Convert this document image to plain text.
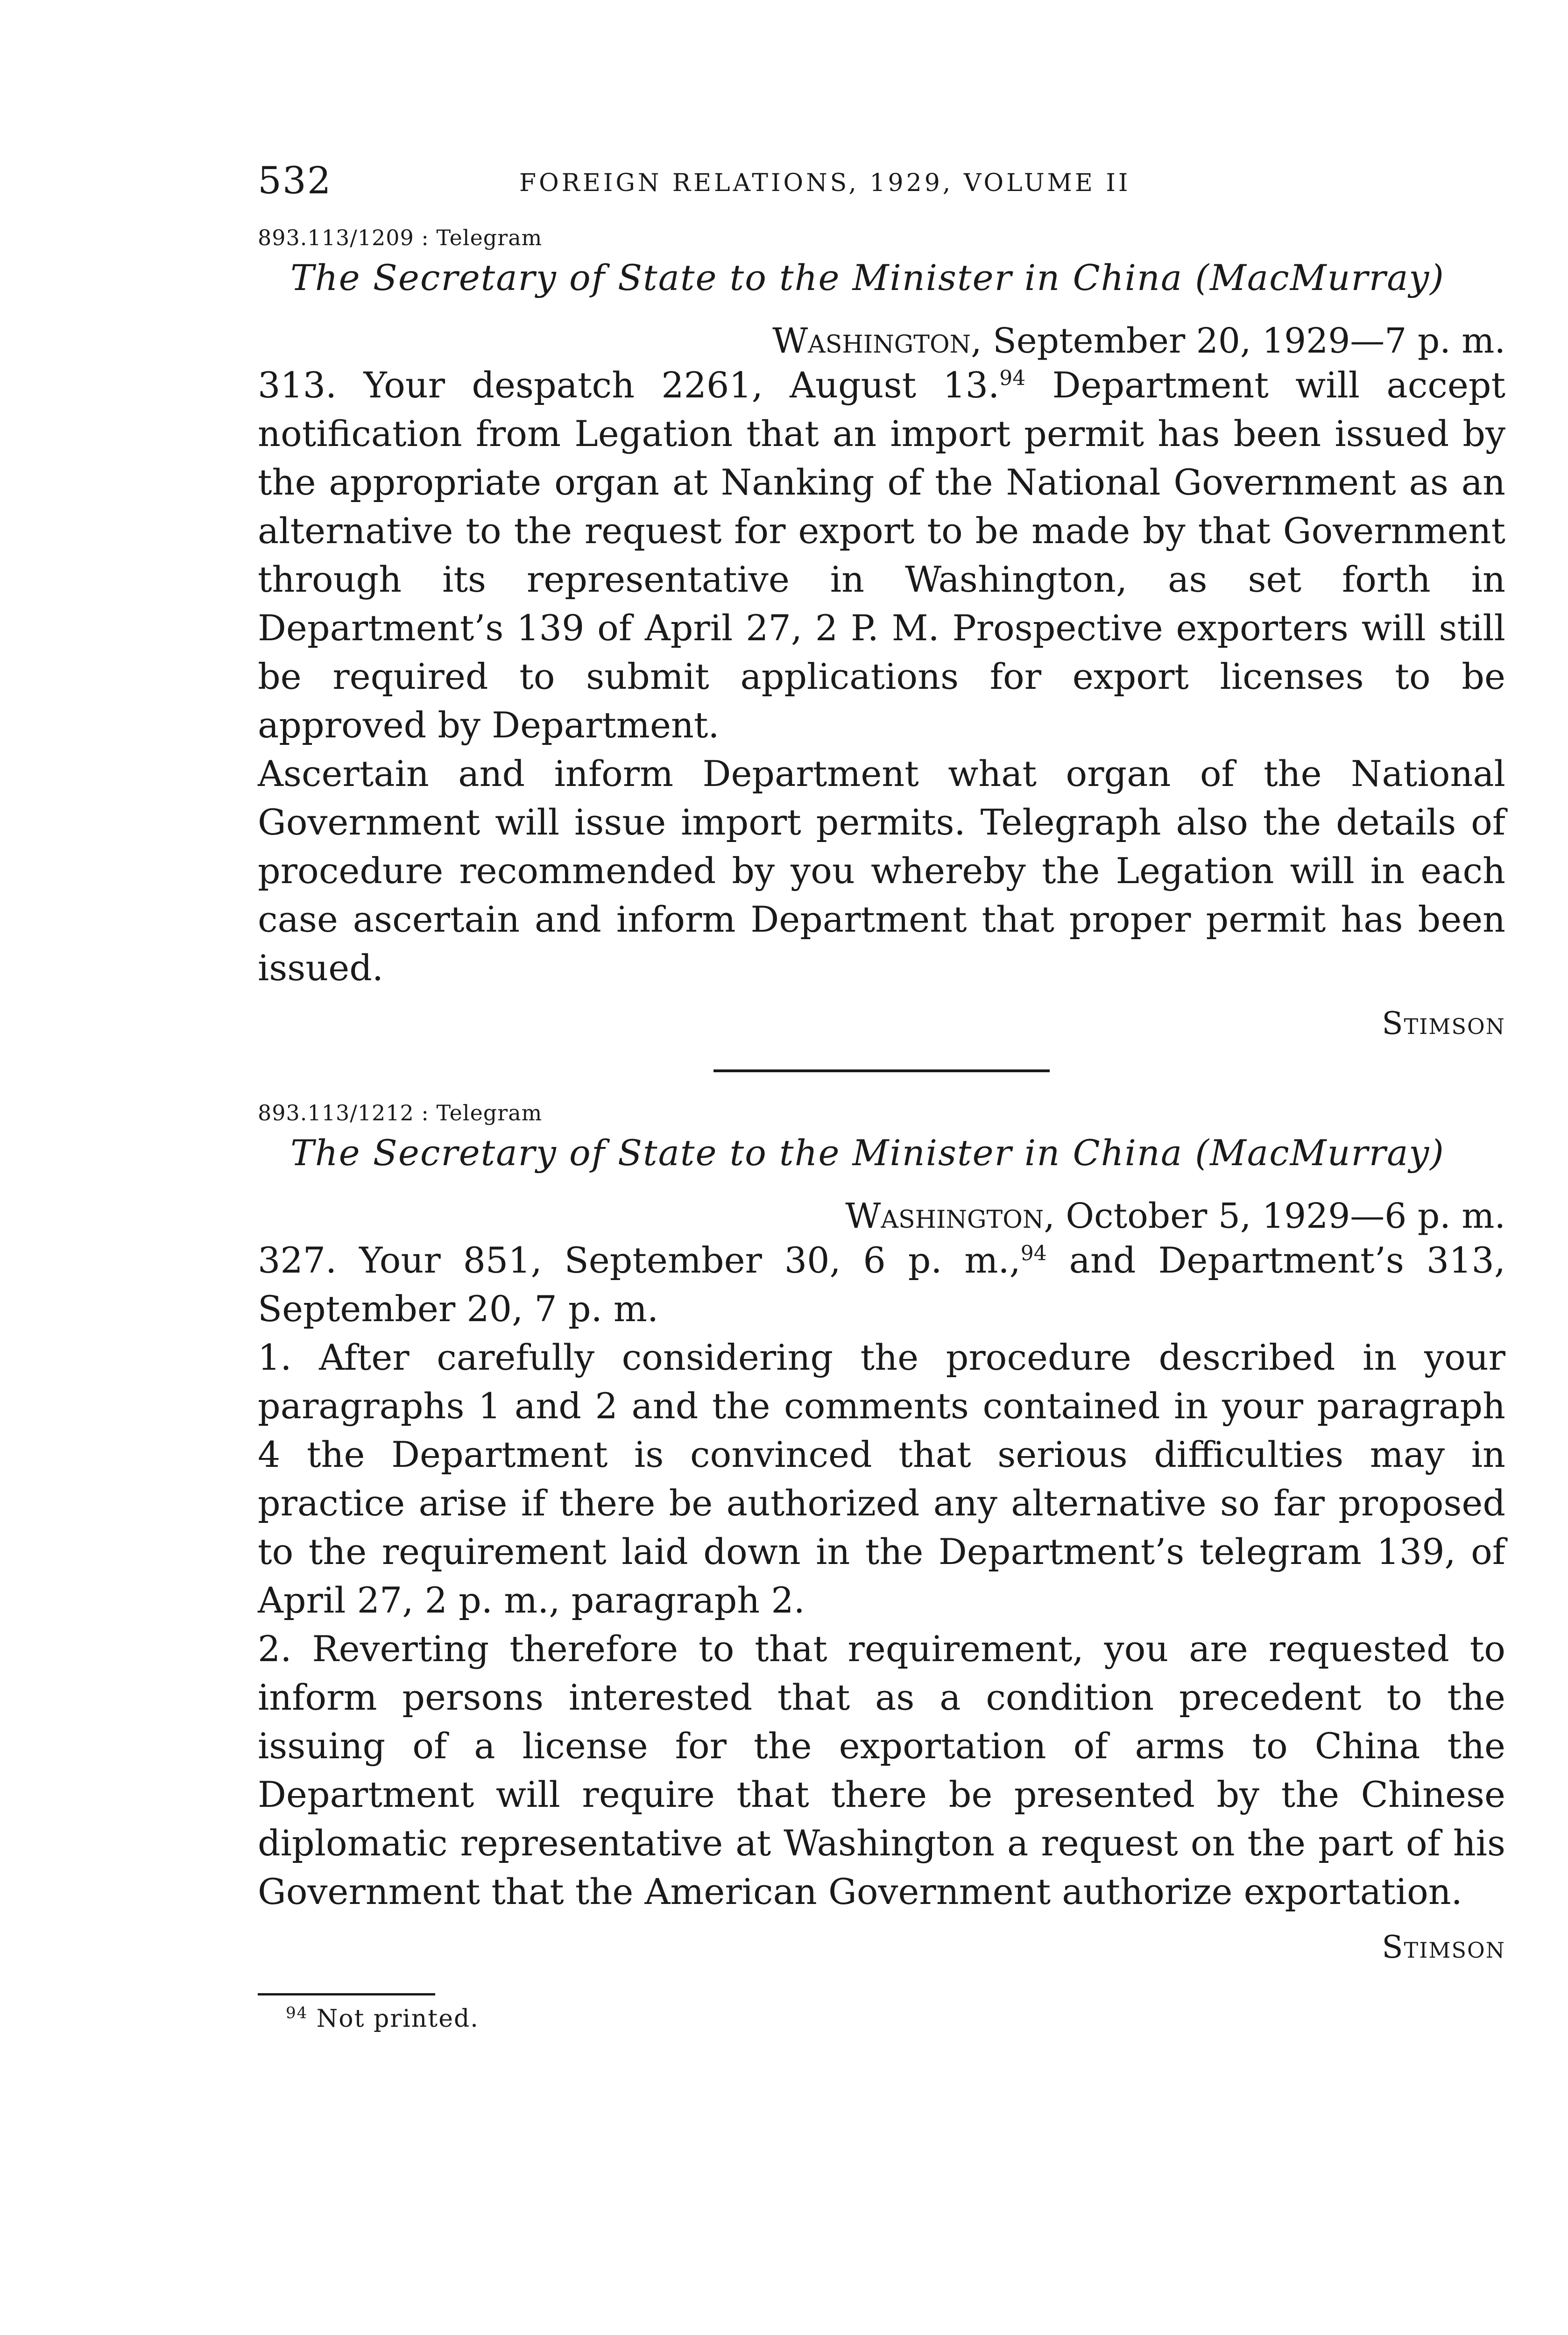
532	FOREIGN RELATIONS, 1929, VOLUME II
893.113/1209 : Telegram
The Secretary of State to the Minister in China (MacMurray)
Washington, September 20, 1929—7 p. m.

313. Your despatch 2261, August 13.94 Department will accept notification from Legation that an import permit has been issued by the appropriate organ at Nanking of the National Government as an alternative to the request for export to be made by that Government through its representative in Washington, as set forth in Department’s 139 of April 27, 2 P. M. Prospective exporters will still be required to submit applications for export licenses to be approved by Department.

Ascertain and inform Department what organ of the National Government will issue import permits. Telegraph also the details of procedure recommended by you whereby the Legation will in each case ascertain and inform Department that proper permit has been issued.

Stimson
893.113/1212 : Telegram
The Secretary of State to the Minister in China (MacMurray)
Washington, October 5, 1929—6 p. m.

327. Your 851, September 30, 6 p. m.,$^{94}$ and Department’s 313, September 20, 7 p. m.

1. After carefully considering the procedure described in your paragraphs 1 and 2 and the comments contained in your paragraph 4 the Department is convinced that serious difficulties may in practice arise if there be authorized any alternative so far proposed to the requirement laid down in the Department’s telegram 139, of April 27, 2 p. m., paragraph 2.

2. Reverting therefore to that requirement, you are requested to inform persons interested that as a condition precedent to the issuing of a license for the exportation of arms to China the Department will require that there be presented by the Chinese diplomatic representative at Washington a request on the part of his Government that the American Government authorize exportation.

Stimson
$^{94}$ Not printed.
